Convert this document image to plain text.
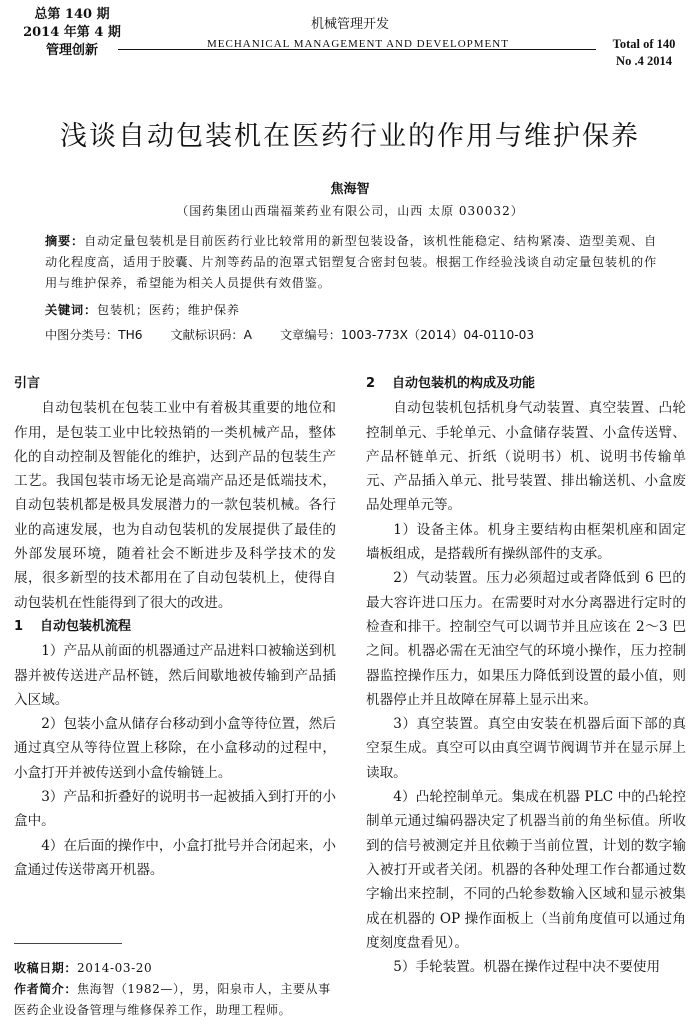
总第 140 期
2014 年第 4 期
管理创新
机械管理开发
MECHANICAL MANAGEMENT AND DEVELOPMENT	Total of 140
No .4 2014
浅谈自动包装机在医药行业的作用与维护保养
焦海智
（国药集团山西瑞福莱药业有限公司，山西 太原 030032）
摘要：自动定量包装机是目前医药行业比较常用的新型包装设备，该机性能稳定、结构紧凑、造型美观、自动化程度高，适用于胶囊、片剂等药品的泡罩式铝塑复合密封包装。根据工作经验浅谈自动定量包装机的作用与维护保养，希望能为相关人员提供有效借鉴。
关键词：包装机；医药；维护保养
中图分类号：TH6 文献标识码：A 文章编号：1003-773X（2014）04-0110-03

引言

自动包装机在包装工业中有着极其重要的地位和作用，是包装工业中比较热销的一类机械产品，整体化的自动控制及智能化的维护，达到产品的包装生产工艺。我国包装市场无论是高端产品还是低端技术，自动包装机都是极具发展潜力的一款包装机械。各行业的高速发展，也为自动包装机的发展提供了最佳的外部发展环境，随着社会不断进步及科学技术的发展，很多新型的技术都用在了自动包装机上，使得自动包装机在性能得到了很大的改进。

1 自动包装机流程

1）产品从前面的机器通过产品进料口被输送到机器并被传送进产品杯链，然后间歇地被传输到产品插入区域。

2）包装小盒从储存台移动到小盒等待位置，然后通过真空从等待位置上移除，在小盒移动的过程中，小盒打开并被传送到小盒传输链上。

3）产品和折叠好的说明书一起被插入到打开的小盒中。

4）在后面的操作中，小盒打批号并合闭起来，小盒通过传送带离开机器。

2 自动包装机的构成及功能

自动包装机包括机身气动装置、真空装置、凸轮控制单元、手轮单元、小盒储存装置、小盒传送臂、产品杯链单元、折纸（说明书）机、说明书传输单元、产品插入单元、批号装置、排出输送机、小盒废品处理单元等。

1）设备主体。机身主要结构由框架机座和固定墙板组成，是搭载所有操纵部件的支承。

2）气动装置。压力必须超过或者降低到 6 巴的最大容许进口压力。在需要时对水分离器进行定时的检查和排干。控制空气可以调节并且应该在 2～3 巴之间。机器必需在无油空气的环境小操作，压力控制器监控操作压力，如果压力降低到设置的最小值，则机器停止并且故障在屏幕上显示出来。

3）真空装置。真空由安装在机器后面下部的真空泵生成。真空可以由真空调节阀调节并在显示屏上读取。

4）凸轮控制单元。集成在机器 PLC 中的凸轮控制单元通过编码器决定了机器当前的角坐标值。所收到的信号被测定并且依赖于当前位置，计划的数字输入被打开或者关闭。机器的各种处理工作台都通过数字输出来控制，不同的凸轮参数输入区域和显示被集成在机器的 OP 操作面板上（当前角度值可以通过角度刻度盘看见）。

5）手轮装置。机器在操作过程中决不要使用

收稿日期：2014-03-20
作者简介：焦海智（1982—），男，阳泉市人，主要从事医药企业设备管理与维修保养工作，助理工程师。
